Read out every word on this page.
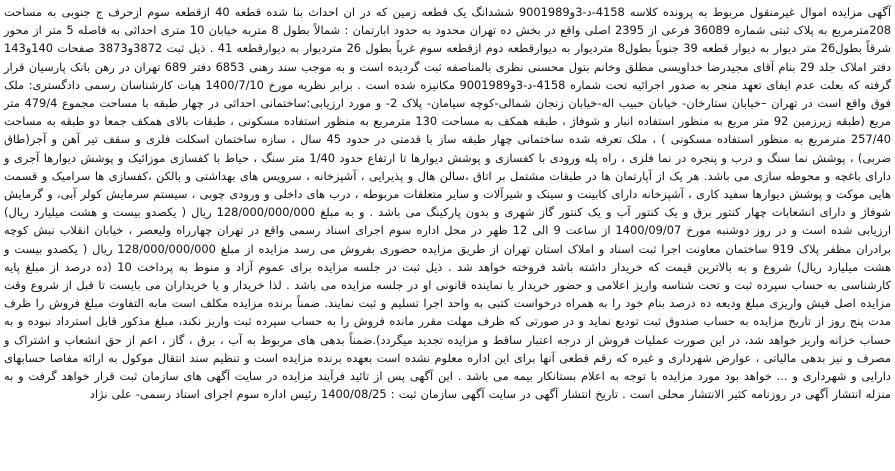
آگهی مزایده اموال غیرمنقول مربوط به پرونده کلاسه 4158-د-3و9001989 ششدانگ یک قطعه زمین که در ان احداث بنا شده قطعه 40 ازقطعه سوم ازحرف ج جنوبی به مساحت 208مترمربع به پلاک ثبتی شماره 36089 فرعی از 2395 اصلی واقع در بخش ده تهران محدود به حدود ابارتمان : شمالاً بطول 8 متربه خیابان 10 متری احداثی به فاصله 5 متر از محور شرقاً بطول26 متر دیوار به دیوار قطعه 39 جنوباً بطول8 متردیوار به دیوارقطعه دوم ازقطعه سوم غرباً بطول 26 متردیوار به دیوارقطعه 41 . ذیل ثبت 3872و3873 صفحات 140و143 دفتر املاک جلد 29 بنام آقای مجیدرضا خداویسی مطلق وخانم بتول محسنی نظری بالمناصفه ثبت گردیده است و به موجب سند رهنی 6853 دفتر 689 تهران در رهن بانک پارسیان قرار گرفته که بعلت عدم ایفای تعهد منجر به صدور اجرائیه تحت شماره 4158-د-3و9001989 مکانیزه شده است . برابر نظریه مورخ 1400/7/10 هیات کارشناسان رسمی دادگستری: ملک فوق واقع است در تهران –خیابان ستارخان- خیابان حبیب اله-خیابان زنجان شمالی-کوچه سیامان- پلاک 2- و مورد ارزیابی:ساختمانی احداثی در چهار طبقه با مساحت مجموع 479/4 متر مربع (طبقه زیرزمین 92 متر مربع به منظور استفاده انبار و شوفاژ ، طبقه همکف به مساحت 130 مترمربع به منظور استفاده مسکونی ، طبقات بالای همکف جمعا دو طبقه به مساحت 257/40 مترمربع به منظور استفاده مسکونی ) ، ملک تعرفه شده ساختمانی چهار طبقه ساز با قدمتی در حدود 45 سال ، سازه ساختمان اسکلت فلزی و سقف تیر آهن و آجر(طاق ضربی) ، پوشش نما سنگ و درب و پنجره در نما فلزی ، راه پله ورودی با کفسازی و پوشش دیوارها تا ارتفاع حدود 1/40 متر سنگ ، حیاط با کفسازی موزائیک و پوشش دیوارها آجری و دارای باغچه و محوطه سازی می باشد. هر یک از آپارتمان ها در طبقات مشتمل بر اتاق ،سالن هال و پذیرایی ، آشپزخانه ، سرویس های بهداشتی و بالکن ،کفسازی ها سرامیک و قسمت هایی موکت و پوشش دیوارها سفید کاری ، آشپزخانه دارای کابینت و سینک و شیرآلات و سایر متعلقات مربوطه ، درب های داخلی و ورودی چوبی ، سیستم سرمایش کولر آبی، و گرمایش شوفاژ و دارای انشعابات چهار کنتور برق و یک کنتور آب و یک کنتور گاز شهری و بدون پارکینگ می باشد . و به مبلغ 128/000/000/000 ریال ( یکصدو بیست و هشت میلیارد ریال) ارزیابی شده است و در روز دوشنبه مورخ 1400/09/07 از ساعت 9 الی 12 ظهر در محل اداره سوم اجرای اسناد رسمی واقع در تهران چهارراه ولیعصر ، خیابان انقلاب نبش کوچه برادران مظفر پلاک 919 ساختمان معاونت اجرا ثبت اسناد و املاک استان تهران از طریق مزایده حضوری بفروش می رسد مزایده از مبلغ 128/000/000/000 ریال ( یکصدو بیست و هشت میلیارد ریال) شروع و به بالاترین قیمت که خریدار داشته باشد فروخته خواهد شد . ذیل ثبت در جلسه مزایده برای عموم آزاد و منوط به پرداخت 10 (ده درصد از مبلغ پایه کارشناسی به حساب سپرده ثبت و تحت شناسه واریز اعلامی و حضور خریدار یا نماینده قانونی او در جلسه مزایده می باشد . لذا خریدار و یا خریداران می بایست تا قبل از شروع وقت مزایده اصل فیش واریزی مبلغ ودیعه ده درصد بنام خود را به همراه درخواست کتبی به واحد اجرا تسلیم و ثبت نمایند. ضمناً برنده مزایده مکلف است مابه التفاوت مبلغ فروش را ظرف مدت پنج روز از تاریخ مزایده به حساب صندوق ثبت توديع نمايد و در صورتی که ظرف مهلت مقرر مانده فروش را به حساب سپرده ثبت واریز نکند، مبلغ مذکور قابل استرداد نبوده و به حساب خزانه واریز خواهد شد، در این صورت عملیات فروش از درجه اعتبار ساقط و مزایده تجدید میگردد).ضمناً بدهی های مربوط به آب ، برق ، گاز ، اعم از حق انشعاب و اشتراک و مصرف و نیز بدهی مالیاتی ، عوارض شهرداری و غیره که رقم قطعی آنها برای این اداره معلوم نشده است بعهده برنده مزایده است و تنظیم سند انتقال موکول به ارائه مفاصا حسابهای دارایی و شهرداری و ... خواهد بود مورد مزایده با توجه به اعلام بستانکار بیمه می باشد . این آگهی پس از تائید فرآیند مزایده در سایت آگهی های سازمان ثبت قرار خواهد گرفت و به منزله انتشار آگهی در روزنامه کثیر الانتشار محلی است . تاریخ انتشار آگهی در سایت آگهی سازمان ثبت : 1400/08/25 رئیس اداره سوم اجرای اسناد رسمی- علی نژاد
